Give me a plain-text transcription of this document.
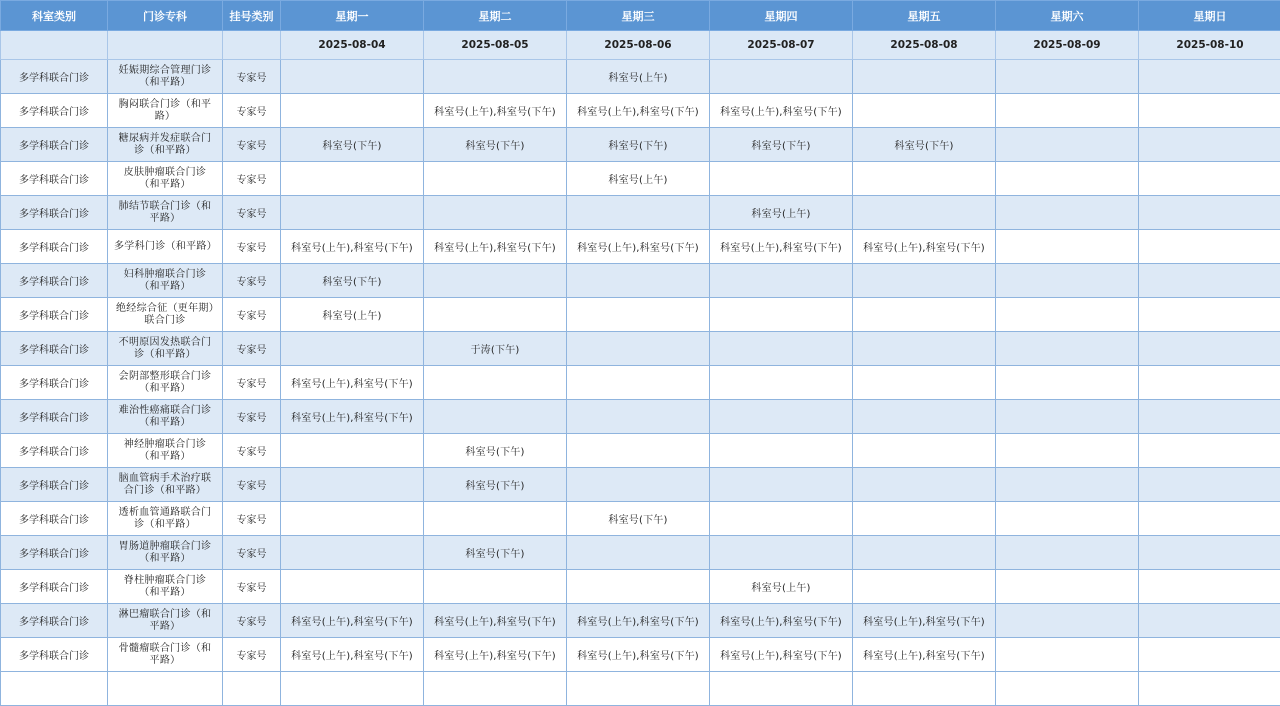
科室类别	门诊专科	挂号类别	星期一	星期二	星期三	星期四	星期五	星期六	星期日
			2025-08-04	2025-08-05	2025-08-06	2025-08-07	2025-08-08	2025-08-09	2025-08-10
多学科联合门诊	妊娠期综合管理门诊（和平路）	专家号			科室号(上午)				
多学科联合门诊	胸闷联合门诊（和平路）	专家号		科室号(上午),科室号(下午)	科室号(上午),科室号(下午)	科室号(上午),科室号(下午)			
多学科联合门诊	糖尿病并发症联合门诊（和平路）	专家号	科室号(下午)	科室号(下午)	科室号(下午)	科室号(下午)	科室号(下午)		
多学科联合门诊	皮肤肿瘤联合门诊（和平路）	专家号			科室号(上午)				
多学科联合门诊	肺结节联合门诊（和平路）	专家号				科室号(上午)			
多学科联合门诊	多学科门诊（和平路）	专家号	科室号(上午),科室号(下午)	科室号(上午),科室号(下午)	科室号(上午),科室号(下午)	科室号(上午),科室号(下午)	科室号(上午),科室号(下午)		
多学科联合门诊	妇科肿瘤联合门诊（和平路）	专家号	科室号(下午)						
多学科联合门诊	绝经综合征（更年期）联合门诊	专家号	科室号(上午)						
多学科联合门诊	不明原因发热联合门诊（和平路）	专家号		于涛(下午)					
多学科联合门诊	会阴部整形联合门诊（和平路）	专家号	科室号(上午),科室号(下午)						
多学科联合门诊	难治性癌痛联合门诊（和平路）	专家号	科室号(上午),科室号(下午)						
多学科联合门诊	神经肿瘤联合门诊（和平路）	专家号		科室号(下午)					
多学科联合门诊	脑血管病手术治疗联合门诊（和平路）	专家号		科室号(下午)					
多学科联合门诊	透析血管通路联合门诊（和平路）	专家号			科室号(下午)				
多学科联合门诊	胃肠道肿瘤联合门诊（和平路）	专家号		科室号(下午)					
多学科联合门诊	脊柱肿瘤联合门诊（和平路）	专家号				科室号(上午)			
多学科联合门诊	淋巴瘤联合门诊（和平路）	专家号	科室号(上午),科室号(下午)	科室号(上午),科室号(下午)	科室号(上午),科室号(下午)	科室号(上午),科室号(下午)	科室号(上午),科室号(下午)		
多学科联合门诊	骨髓瘤联合门诊（和平路）	专家号	科室号(上午),科室号(下午)	科室号(上午),科室号(下午)	科室号(上午),科室号(下午)	科室号(上午),科室号(下午)	科室号(上午),科室号(下午)		
